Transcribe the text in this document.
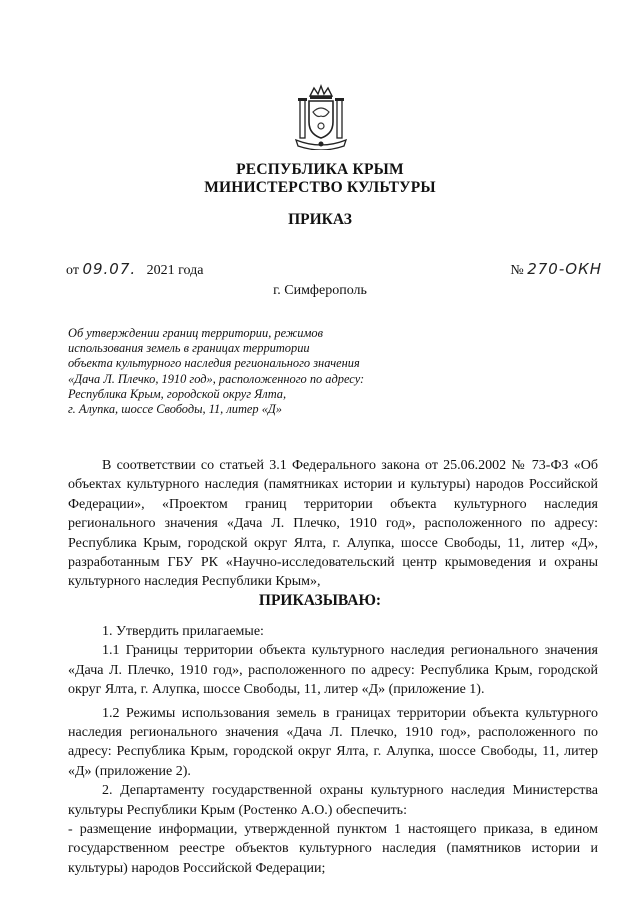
РЕСПУБЛИКА КРЫМ
МИНИСТЕРСТВО КУЛЬТУРЫ
ПРИКАЗ
от 09.07. 2021 года	№ 270-ОКН
г. Симферополь
Об утверждении границ территории, режимов
использования земель в границах территории
объекта культурного наследия регионального значения
«Дача Л. Плечко, 1910 год», расположенного по адресу:
Республика Крым, городской округ Ялта,
г. Алупка, шоссе Свободы, 11, литер «Д»
В соответствии со статьей 3.1 Федерального закона от 25.06.2002 № 73-ФЗ «Об объектах культурного наследия (памятниках истории и культуры) народов Российской Федерации», «Проектом границ территории объекта культурного наследия регионального значения «Дача Л. Плечко, 1910 год», расположенного по адресу: Республика Крым, городской округ Ялта, г. Алупка, шоссе Свободы, 11, литер «Д», разработанным ГБУ РК «Научно-исследовательский центр крымоведения и охраны культурного наследия Республики Крым»,
ПРИКАЗЫВАЮ:

1. Утвердить прилагаемые:

1.1 Границы территории объекта культурного наследия регионального значения «Дача Л. Плечко, 1910 год», расположенного по адресу: Республика Крым, городской округ Ялта, г. Алупка, шоссе Свободы, 11, литер «Д» (приложение 1).

1.2 Режимы использования земель в границах территории объекта культурного наследия регионального значения «Дача Л. Плечко, 1910 год», расположенного по адресу: Республика Крым, городской округ Ялта, г. Алупка, шоссе Свободы, 11, литер «Д» (приложение 2).

2. Департаменту государственной охраны культурного наследия Министерства культуры Республики Крым (Ростенко А.О.) обеспечить:

- размещение информации, утвержденной пунктом 1 настоящего приказа, в едином государственном реестре объектов культурного наследия (памятников истории и культуры) народов Российской Федерации;
